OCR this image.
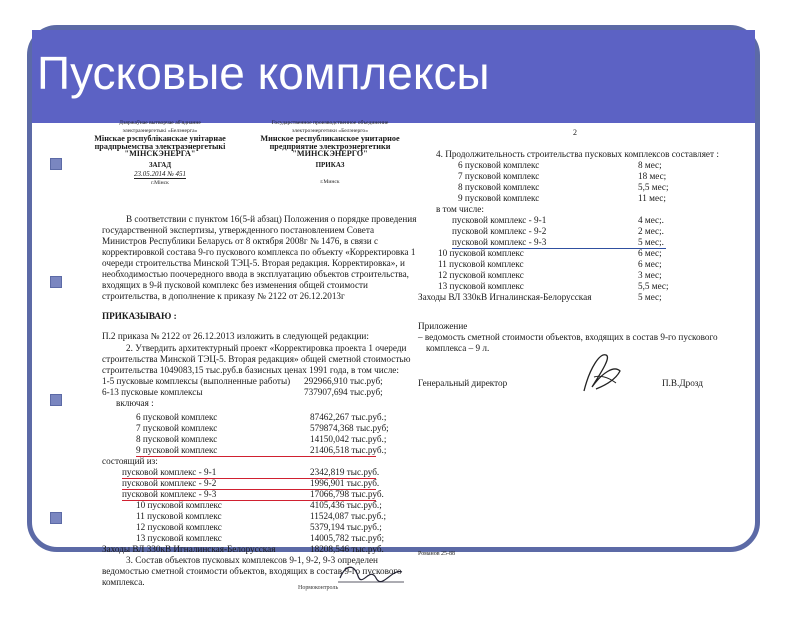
Пусковые комплексы
Дзяржаўнае вытворчае аб'яднанне
электраэнергетыкі «Белэнерга»
Мінскае рэспубліканскае унітарнае
прадпрыемства электраэнергетыкі
"МІНСКЭНЕРГА"
ЗАГАД
23.05.2014 № 451
г.Мінск
Государственное производственное объединение
электроэнергетики «Белэнерго»
Минское республиканское унитарное
предприятие электроэнергетики
"МИНСКЭНЕРГО"
ПРИКАЗ
г.Минск
В соответствии с пунктом 16(5-й абзац) Положения о порядке проведения
государственной экспертизы, утвержденного постановлением Совета
Министров Республики Беларусь от 8 октября 2008г № 1476, в связи с
корректировкой состава 9-го пускового комплекса по объекту «Корректировка 1
очереди строительства Минской ТЭЦ-5. Вторая редакция. Корректировка», и
необходимостью поочередного ввода в эксплуатацию объектов строительства,
входящих в 9-й пусковой комплекс без изменения общей стоимости
строительства, в дополнение к приказу № 2122 от 26.12.2013г
ПРИКАЗЫВАЮ :
П.2 приказа № 2122 от 26.12.2013 изложить в следующей редакции:
2. Утвердить архитектурный проект «Корректировка проекта 1 очереди
строительства Минской ТЭЦ-5. Вторая редакция» общей сметной стоимостью
строительства 1049083,15 тыс.руб.в базисных ценах 1991 года, в том числе:
1-5 пусковые комплексы (выполненные работы) 292966,910 тыс.руб;
6-13 пусковые комплексы	737907,694 тыс.руб;
включая :
6 пусковой комплекс	87462,267 тыс.руб.;
7 пусковой комплекс	579874,368 тыс.руб;
8 пусковой комплекс	14150,042 тыс.руб.;
9 пусковой комплекс	21406,518 тыс.руб.;
состоящий из:
пусковой комплекс - 9-1	2342,819 тыс.руб.
пусковой комплекс - 9-2	1996,901 тыс.руб.
пусковой комплекс - 9-3	17066,798 тыс.руб.
10 пусковой комплекс	4105,436 тыс.руб.;
11 пусковой комплекс	11524,087 тыс.руб.;
12 пусковой комплекс	5379,194 тыс.руб.;
13 пусковой комплекс	14005,782 тыс.руб;
Заходы ВЛ 330кВ Игналинская-Белорусская	18208,546 тыс.руб.
3. Состав объектов пусковых комплексов 9-1, 9-2, 9-3 определен
ведомостью сметной стоимости объектов, входящих в состав 9-го пускового
комплекса.
Нормоконтроль
2
4. Продолжительность строительства пусковых комплексов составляет :
6 пусковой комплекс	8 мес;
7 пусковой комплекс	18 мес;
8 пусковой комплекс	5,5 мес;
9 пусковой комплекс	11 мес;
в том числе:
пусковой комплекс - 9-1	4 мес;.
пусковой комплекс - 9-2	2 мес;.
пусковой комплекс - 9-3	5 мес;.
10 пусковой комплекс	6 мес;
11 пусковой комплекс	6 мес;
12 пусковой комплекс	3 мес;
13 пусковой комплекс	5,5 мес;
Заходы ВЛ 330кВ Игналинская-Белорусская	5 мес;
Приложение
– ведомость сметной стоимости объектов, входящих в состав 9-го пускового
комплекса – 9 л.
Генеральный директор	П.В.Дрозд
Романов 25-88
